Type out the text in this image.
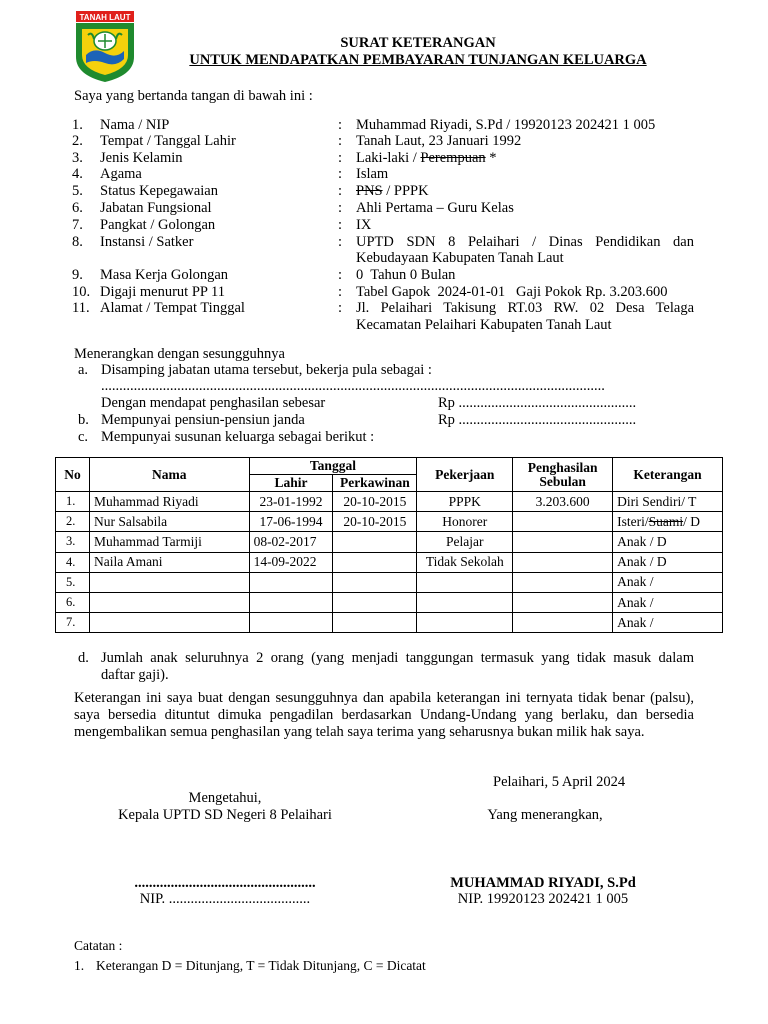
TANAH LAUT
SURAT KETERANGAN
UNTUK MENDAPATKAN PEMBAYARAN TUNJANGAN KELUARGA
Saya yang bertanda tangan di bawah ini :
1. Nama / NIP	: Muhammad Riyadi, S.Pd / 19920123 202421 1 005
2. Tempat / Tanggal Lahir	: Tanah Laut, 23 Januari 1992
3. Jenis Kelamin	: Laki-laki / Perempuan *
4. Agama	: Islam
5. Status Kepegawaian	: PNS / PPPK
6. Jabatan Fungsional	: Ahli Pertama – Guru Kelas
7. Pangkat / Golongan	: IX
8. Instansi / Satker	: UPTD SDN 8 Pelaihari / Dinas Pendidikan dan
Kebudayaan Kabupaten Tanah Laut
9. Masa Kerja Golongan	: 0  Tahun 0 Bulan
10. Digaji menurut PP 11	: Tabel Gapok  2024-01-01   Gaji Pokok Rp. 3.203.600
11. Alamat / Tempat Tinggal	: Jl. Pelaihari Takisung RT.03 RW. 02 Desa Telaga
Kecamatan Pelaihari Kabupaten Tanah Laut
Menerangkan dengan sesungguhnya
a. Disamping jabatan utama tersebut, bekerja pula sebagai :
...........................................................................................................................................
Dengan mendapat penghasilan sebesar	Rp .................................................
b. Mempunyai pensiun-pensiun janda	Rp .................................................
c. Mempunyai susunan keluarga sebagai berikut :
No	Nama	Tanggal		Pekerjaan	Penghasilan Sebulan	Keterangan
		Lahir	Perkawinan			
1.	Muhammad Riyadi	23-01-1992	20-10-2015	PPPK	3.203.600	Diri Sendiri/ T
2.	Nur Salsabila	17-06-1994	20-10-2015	Honorer		Isteri/Suami/ D
3.	Muhammad Tarmiji	08-02-2017		Pelajar		Anak / D
4.	Naila Amani	14-09-2022		Tidak Sekolah		Anak / D
5.						Anak /
6.						Anak /
7.						Anak /
d. Jumlah anak seluruhnya 2 orang (yang menjadi tanggungan termasuk yang tidak masuk dalam
daftar gaji).
Keterangan ini saya buat dengan sesungguhnya dan apabila keterangan ini ternyata tidak benar (palsu), saya bersedia dituntut dimuka pengadilan berdasarkan Undang-Undang yang berlaku, dan bersedia mengembalikan semua penghasilan yang telah saya terima yang seharusnya bukan milik hak saya.
Pelaihari, 5 April 2024
Mengetahui,
Kepala UPTD SD Negeri 8 Pelaihari	Yang menerangkan,
..................................................
NIP. .......................................
MUHAMMAD RIYADI, S.Pd
NIP. 19920123 202421 1 005
Catatan :
1. Keterangan D = Ditunjang, T = Tidak Ditunjang, C = Dicatat
